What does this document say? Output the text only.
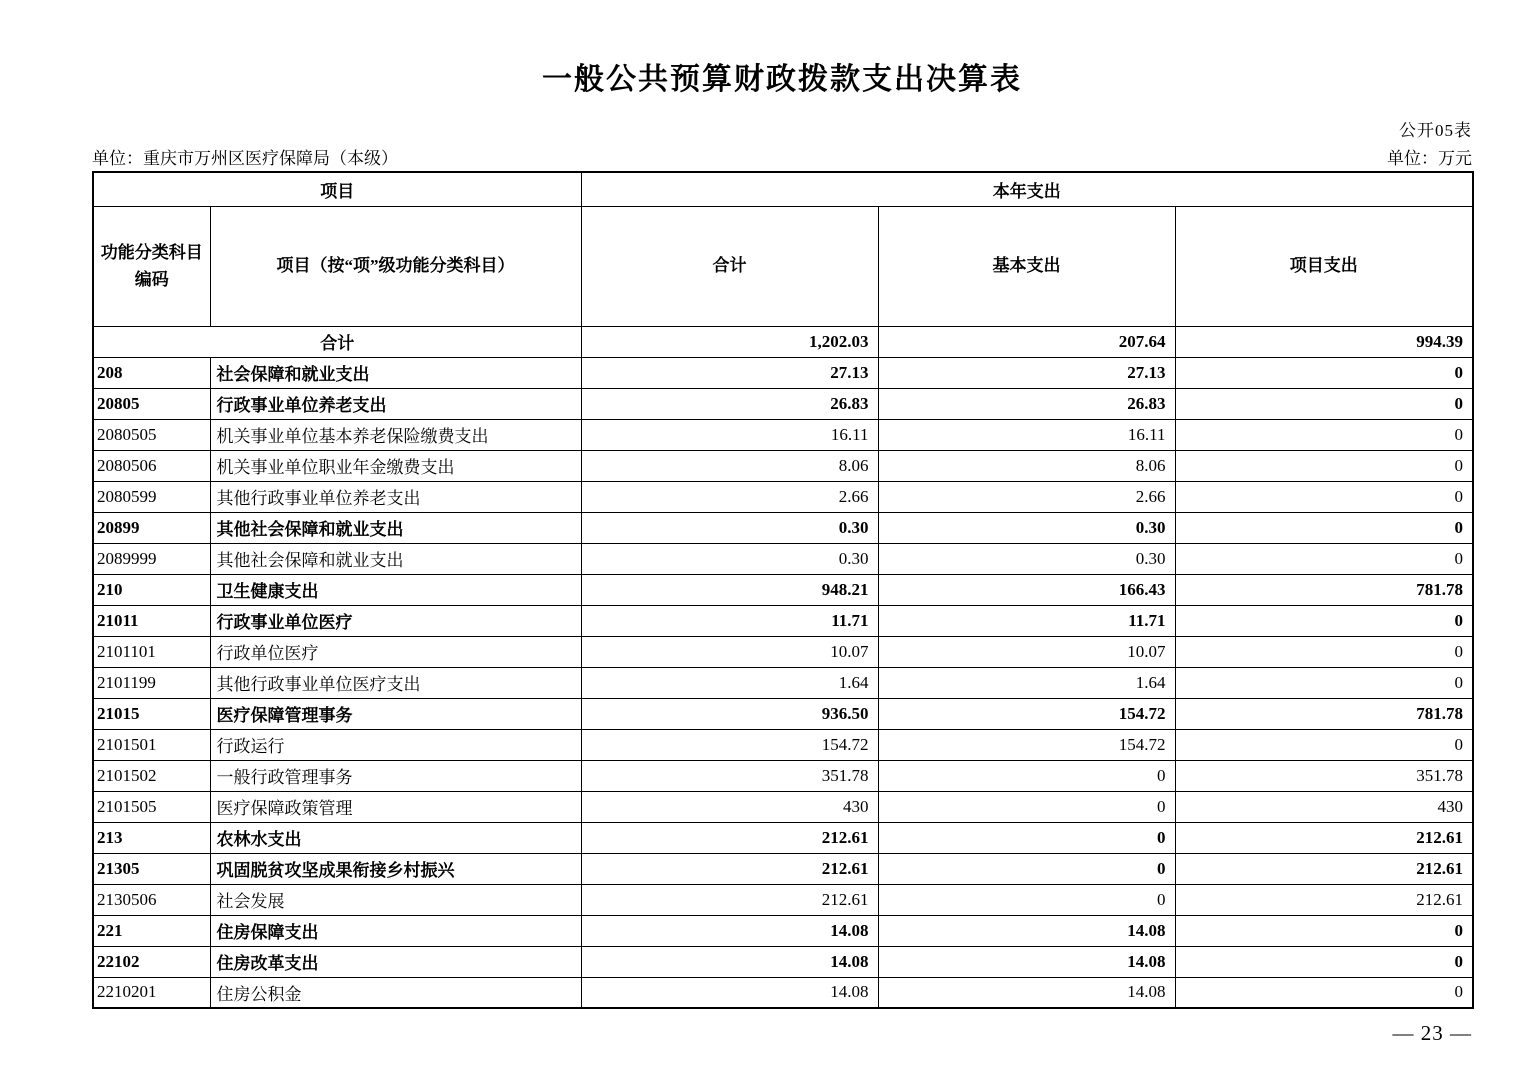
一般公共预算财政拨款支出决算表
公开05表
单位：重庆市万州区医疗保障局（本级）	单位：万元
项目		本年支出		
功能分类科目编码	项目（按“项”级功能分类科目）	合计	基本支出	项目支出
合计		1,202.03	207.64	994.39
208	社会保障和就业支出	27.13	27.13	0
20805	行政事业单位养老支出	26.83	26.83	0
2080505	机关事业单位基本养老保险缴费支出	16.11	16.11	0
2080506	机关事业单位职业年金缴费支出	8.06	8.06	0
2080599	其他行政事业单位养老支出	2.66	2.66	0
20899	其他社会保障和就业支出	0.30	0.30	0
2089999	其他社会保障和就业支出	0.30	0.30	0
210	卫生健康支出	948.21	166.43	781.78
21011	行政事业单位医疗	11.71	11.71	0
2101101	行政单位医疗	10.07	10.07	0
2101199	其他行政事业单位医疗支出	1.64	1.64	0
21015	医疗保障管理事务	936.50	154.72	781.78
2101501	行政运行	154.72	154.72	0
2101502	一般行政管理事务	351.78	0	351.78
2101505	医疗保障政策管理	430	0	430
213	农林水支出	212.61	0	212.61
21305	巩固脱贫攻坚成果衔接乡村振兴	212.61	0	212.61
2130506	社会发展	212.61	0	212.61
221	住房保障支出	14.08	14.08	0
22102	住房改革支出	14.08	14.08	0
2210201	住房公积金	14.08	14.08	0
— 23 —
